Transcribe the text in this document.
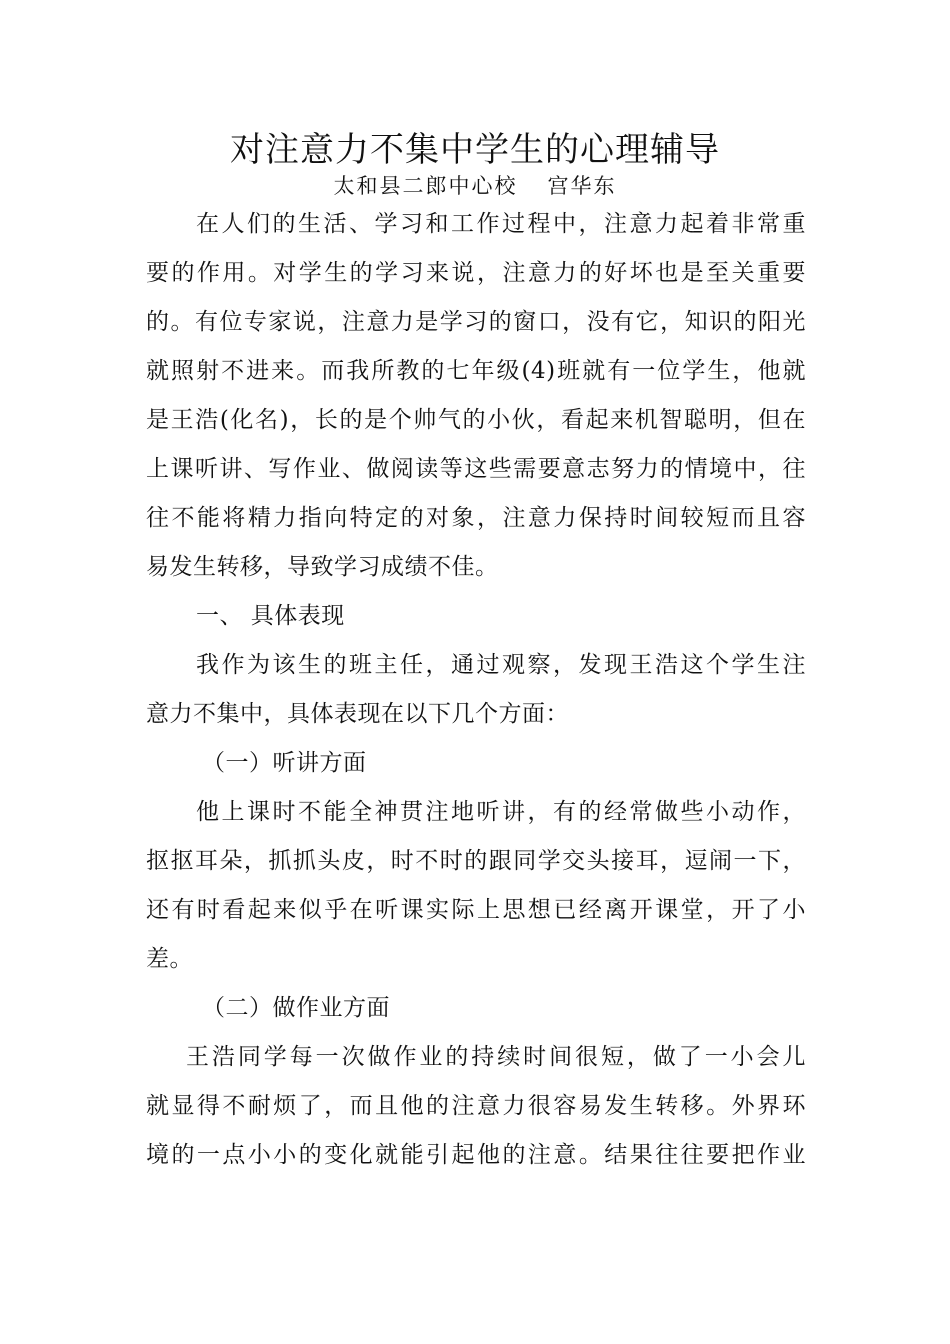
对注意力不集中学生的心理辅导
太和县二郎中心校 宫华东
在人们的生活、学习和工作过程中，注意力起着非常重
要的作用。对学生的学习来说，注意力的好坏也是至关重要
的。有位专家说，注意力是学习的窗口，没有它，知识的阳光
就照射不进来。而我所教的七年级(4)班就有一位学生，他就
是王浩(化名)，长的是个帅气的小伙，看起来机智聪明，但在
上课听讲、写作业、做阅读等这些需要意志努力的情境中，往
往不能将精力指向特定的对象，注意力保持时间较短而且容
易发生转移，导致学习成绩不佳。
一、 具体表现
我作为该生的班主任，通过观察，发现王浩这个学生注
意力不集中，具体表现在以下几个方面：
（一）听讲方面
他上课时不能全神贯注地听讲，有的经常做些小动作，
抠抠耳朵，抓抓头皮，时不时的跟同学交头接耳，逗闹一下，
还有时看起来似乎在听课实际上思想已经离开课堂，开了小
差。
（二）做作业方面
王浩同学每一次做作业的持续时间很短，做了一小会儿
就显得不耐烦了，而且他的注意力很容易发生转移。外界环
境的一点小小的变化就能引起他的注意。结果往往要把作业
